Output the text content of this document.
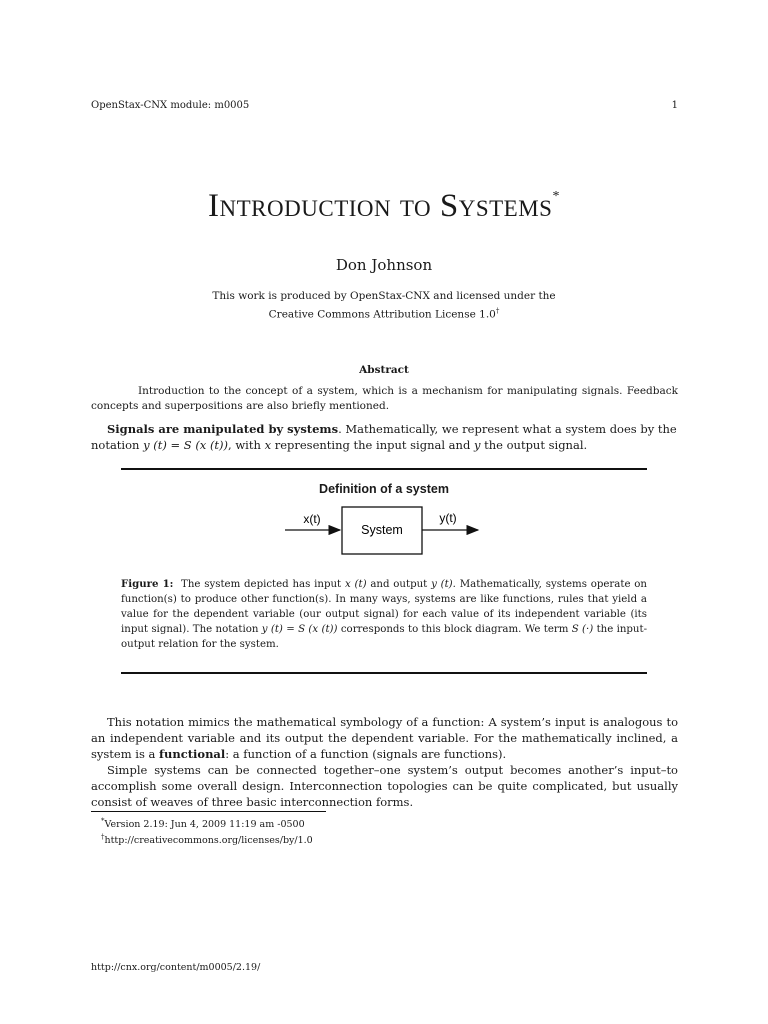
OpenStax-CNX module: m0005	1
Introduction to Systems*
Don Johnson
This work is produced by OpenStax-CNX and licensed under the
Creative Commons Attribution License 1.0†
Abstract
Introduction to the concept of a system, which is a mechanism for manipulating signals. Feedback concepts and superpositions are also briefly mentioned.
Signals are manipulated by systems. Mathematically, we represent what a system does by the
notation y (t) = S (x (t)), with x representing the input signal and y the output signal.
Definition of a system
x(t)
System
y(t)
Figure 1: The system depicted has input x (t) and output y (t). Mathematically, systems operate on function(s) to produce other function(s). In many ways, systems are like functions, rules that yield a value for the dependent variable (our output signal) for each value of its independent variable (its input signal). The notation y (t) = S (x (t)) corresponds to this block diagram. We term S (·) the input-output relation for the system.
This notation mimics the mathematical symbology of a function: A system’s input is analogous to an independent variable and its output the dependent variable. For the mathematically inclined, a system is a functional: a function of a function (signals are functions).
Simple systems can be connected together–one system’s output becomes another’s input–to accomplish some overall design. Interconnection topologies can be quite complicated, but usually consist of weaves of three basic interconnection forms.
*Version 2.19: Jun 4, 2009 11:19 am -0500
†http://creativecommons.org/licenses/by/1.0
http://cnx.org/content/m0005/2.19/
